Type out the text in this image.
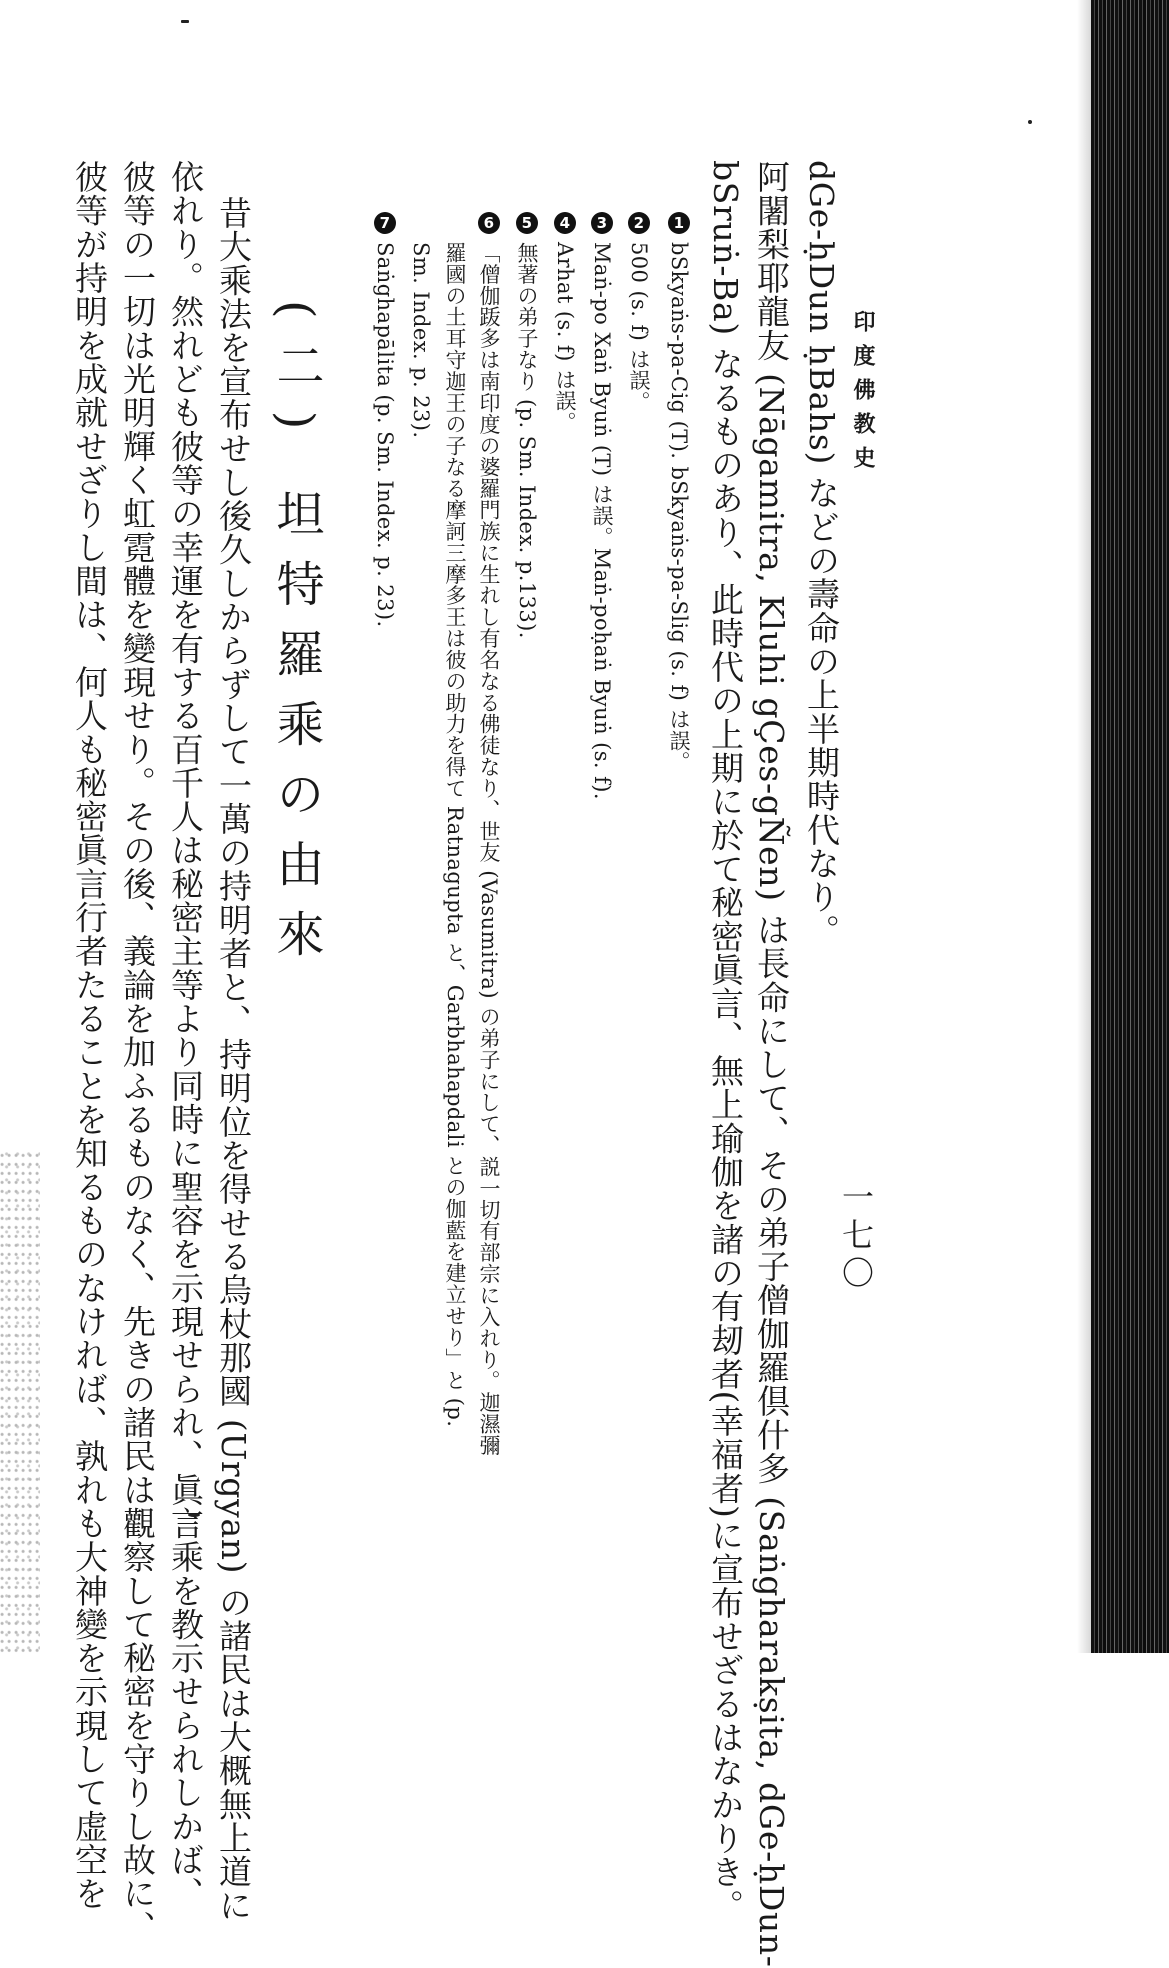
印度佛教史
一七〇
dGe-ḥDun ḥBahs) などの壽命の上半期時代なり。
阿闍梨耶龍友 (Nāgamitra, Kluhi gÇes-gÑen) は長命にして、その弟子僧伽羅倶什多 (Saṅgharakṣita, dGe-ḥDun-
bSruṅ-Ba) なるものあり、此時代の上期に於て秘密眞言、無上瑜伽を諸の有刼者(幸福者)に宣布せざるはなかりき。
1bSkyaṅs-pa-Cig (T). bSkyaṅs-pa-Slig (s. f) は誤。
2500 (s. f) は誤。
3Maṅ-po Xaṅ Byuṅ (T) は誤。Maṅ-poḥaṅ Byuṅ (s. f).
4Arhat (s. f) は誤。
5無著の弟子なり (p. Sm. Index. p.133).
6「僧伽䟦多は南印度の婆羅門族に生れし有名なる佛徒なり、世友 (Vasumitra) の弟子にして、説一切有部宗に入れり。迦濕彌
羅國の土耳守迦王の子なる摩訶三摩多王は彼の助力を得て Ratnagupta と、Garbhahapdali との伽藍を建立せり」と (p.
Sm. Index. p. 23).
7Saṅghapālita (p. Sm. Index. p. 23).
(二) 坦特羅乘の由來
昔大乘法を宣布せし後久しからずして一萬の持明者と、持明位を得せる烏杖那國 (Urgyan) の諸民は大概無上道に
依れり。然れども彼等の幸運を有する百千人は秘密主等より同時に聖容を示現せられ、眞言乘を教示せられしかば、
彼等の一切は光明輝く虹霓體を變現せり。その後、義論を加ふるものなく、先きの諸民は觀察して秘密を守りし故に、
彼等が持明を成就せざりし間は、何人も秘密眞言行者たることを知るものなければ、孰れも大神變を示現して虚空を
